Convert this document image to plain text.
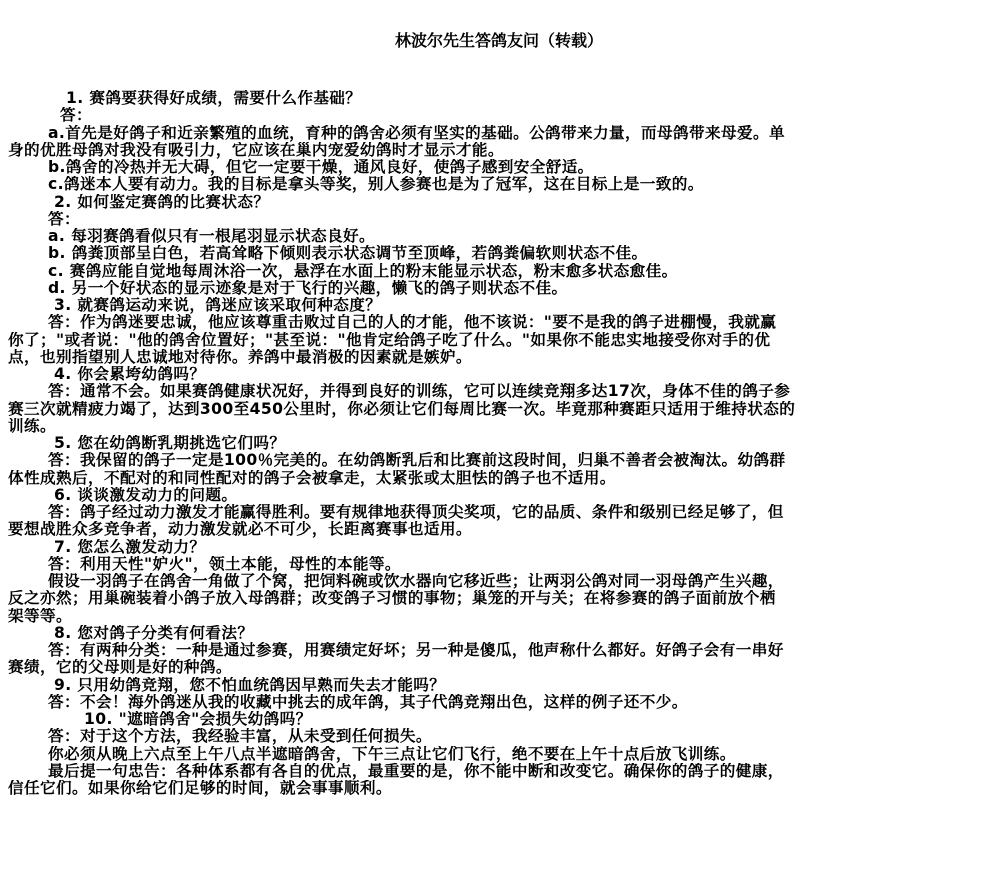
林波尔先生答鸽友问（转载）
1. 赛鸽要获得好成绩，需要什么作基础？
答：
a.首先是好鸽子和近亲繁殖的血统，育种的鸽舍必须有坚实的基础。公鸽带来力量，而母鸽带来母爱。单
身的优胜母鸽对我没有吸引力，它应该在巢内宠爱幼鸽时才显示才能。
b.鸽舍的冷热并无大碍，但它一定要干燥，通风良好，使鸽子感到安全舒适。
c.鸽迷本人要有动力。我的目标是拿头等奖，别人参赛也是为了冠军，这在目标上是一致的。
2. 如何鉴定赛鸽的比赛状态？
答：
a. 每羽赛鸽看似只有一根尾羽显示状态良好。
b. 鸽粪顶部呈白色，若高耸略下倾则表示状态调节至顶峰，若鸽粪偏软则状态不佳。
c. 赛鸽应能自觉地每周沐浴一次，悬浮在水面上的粉末能显示状态，粉末愈多状态愈佳。
d. 另一个好状态的显示迹象是对于飞行的兴趣，懒飞的鸽子则状态不佳。
3. 就赛鸽运动来说，鸽迷应该采取何种态度？
答：作为鸽迷要忠诚，他应该尊重击败过自己的人的才能，他不该说："要不是我的鸽子进棚慢，我就赢
你了；"或者说："他的鸽舍位置好；"甚至说："他肯定给鸽子吃了什么。"如果你不能忠实地接受你对手的优
点，也别指望别人忠诚地对待你。养鸽中最消极的因素就是嫉妒。
4. 你会累垮幼鸽吗？
答：通常不会。如果赛鸽健康状况好，并得到良好的训练，它可以连续竞翔多达17次，身体不佳的鸽子参
赛三次就精疲力竭了，达到300至450公里时，你必须让它们每周比赛一次。毕竟那种赛距只适用于维持状态的
训练。
5. 您在幼鸽断乳期挑选它们吗？
答：我保留的鸽子一定是100％完美的。在幼鸽断乳后和比赛前这段时间，归巢不善者会被淘汰。幼鸽群
体性成熟后，不配对的和同性配对的鸽子会被拿走，太紧张或太胆怯的鸽子也不适用。
6. 谈谈激发动力的问题。
答：鸽子经过动力激发才能赢得胜利。要有规律地获得顶尖奖项，它的品质、条件和级别已经足够了，但
要想战胜众多竞争者，动力激发就必不可少，长距离赛事也适用。
7. 您怎么激发动力？
答：利用天性"妒火"，领土本能，母性的本能等。
假设一羽鸽子在鸽舍一角做了个窝，把饲料碗或饮水器向它移近些；让两羽公鸽对同一羽母鸽产生兴趣，
反之亦然；用巢碗装着小鸽子放入母鸽群；改变鸽子习惯的事物；巢笼的开与关；在将参赛的鸽子面前放个栖
架等等。
8. 您对鸽子分类有何看法？
答：有两种分类：一种是通过参赛，用赛绩定好坏；另一种是傻瓜，他声称什么都好。好鸽子会有一串好
赛绩，它的父母则是好的种鸽。
9. 只用幼鸽竞翔，您不怕血统鸽因早熟而失去才能吗？
答：不会！海外鸽迷从我的收藏中挑去的成年鸽，其子代鸽竞翔出色，这样的例子还不少。
10. "遮暗鸽舍"会损失幼鸽吗？
答：对于这个方法，我经验丰富，从未受到任何损失。
你必须从晚上六点至上午八点半遮暗鸽舍，下午三点让它们飞行，绝不要在上午十点后放飞训练。
最后提一句忠告：各种体系都有各自的优点，最重要的是，你不能中断和改变它。确保你的鸽子的健康，
信任它们。如果你给它们足够的时间，就会事事顺利。
